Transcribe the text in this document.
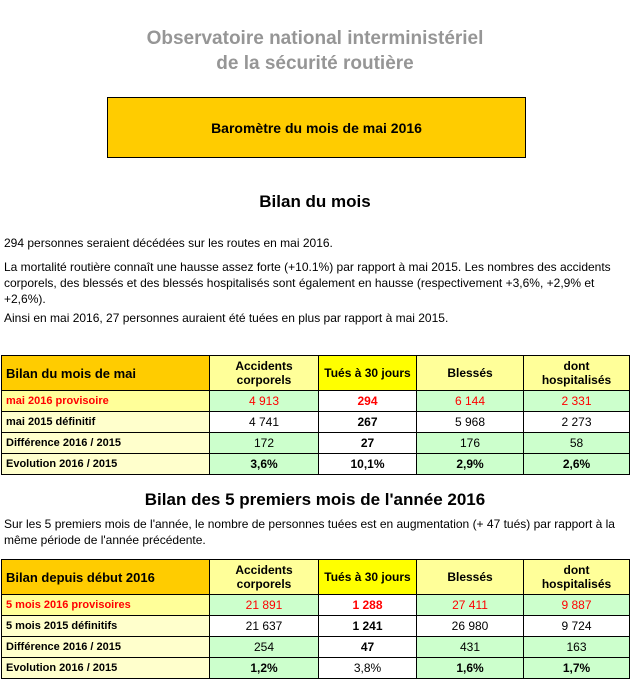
Observatoire national interministériel
de la sécurité routière
Baromètre du mois de mai 2016
Bilan du mois
294 personnes seraient décédées sur les routes en mai 2016.
La mortalité routière connaît une hausse assez forte (+10.1%) par rapport à mai 2015. Les nombres des accidents corporels, des blessés et des blessés hospitalisés sont également en hausse (respectivement +3,6%, +2,9% et +2,6%).
Ainsi en mai 2016, 27 personnes auraient été tuées en plus par rapport à mai 2015.
Bilan du mois de mai	Accidents corporels	Tués à 30 jours	Blessés	dont hospitalisés
mai 2016 provisoire	4 913	294	6 144	2 331
mai 2015 définitif	4 741	267	5 968	2 273
Différence 2016 / 2015	172	27	176	58
Evolution 2016 / 2015	3,6%	10,1%	2,9%	2,6%
Bilan des 5 premiers mois de l'année 2016
Sur les 5 premiers mois de l'année, le nombre de personnes tuées est en augmentation (+ 47 tués) par rapport à la même période de l'année précédente.
Bilan depuis début 2016	Accidents corporels	Tués à 30 jours	Blessés	dont hospitalisés
5 mois 2016 provisoires	21 891	1 288	27 411	9 887
5 mois 2015 définitifs	21 637	1 241	26 980	9 724
Différence 2016 / 2015	254	47	431	163
Evolution 2016 / 2015	1,2%	3,8%	1,6%	1,7%
